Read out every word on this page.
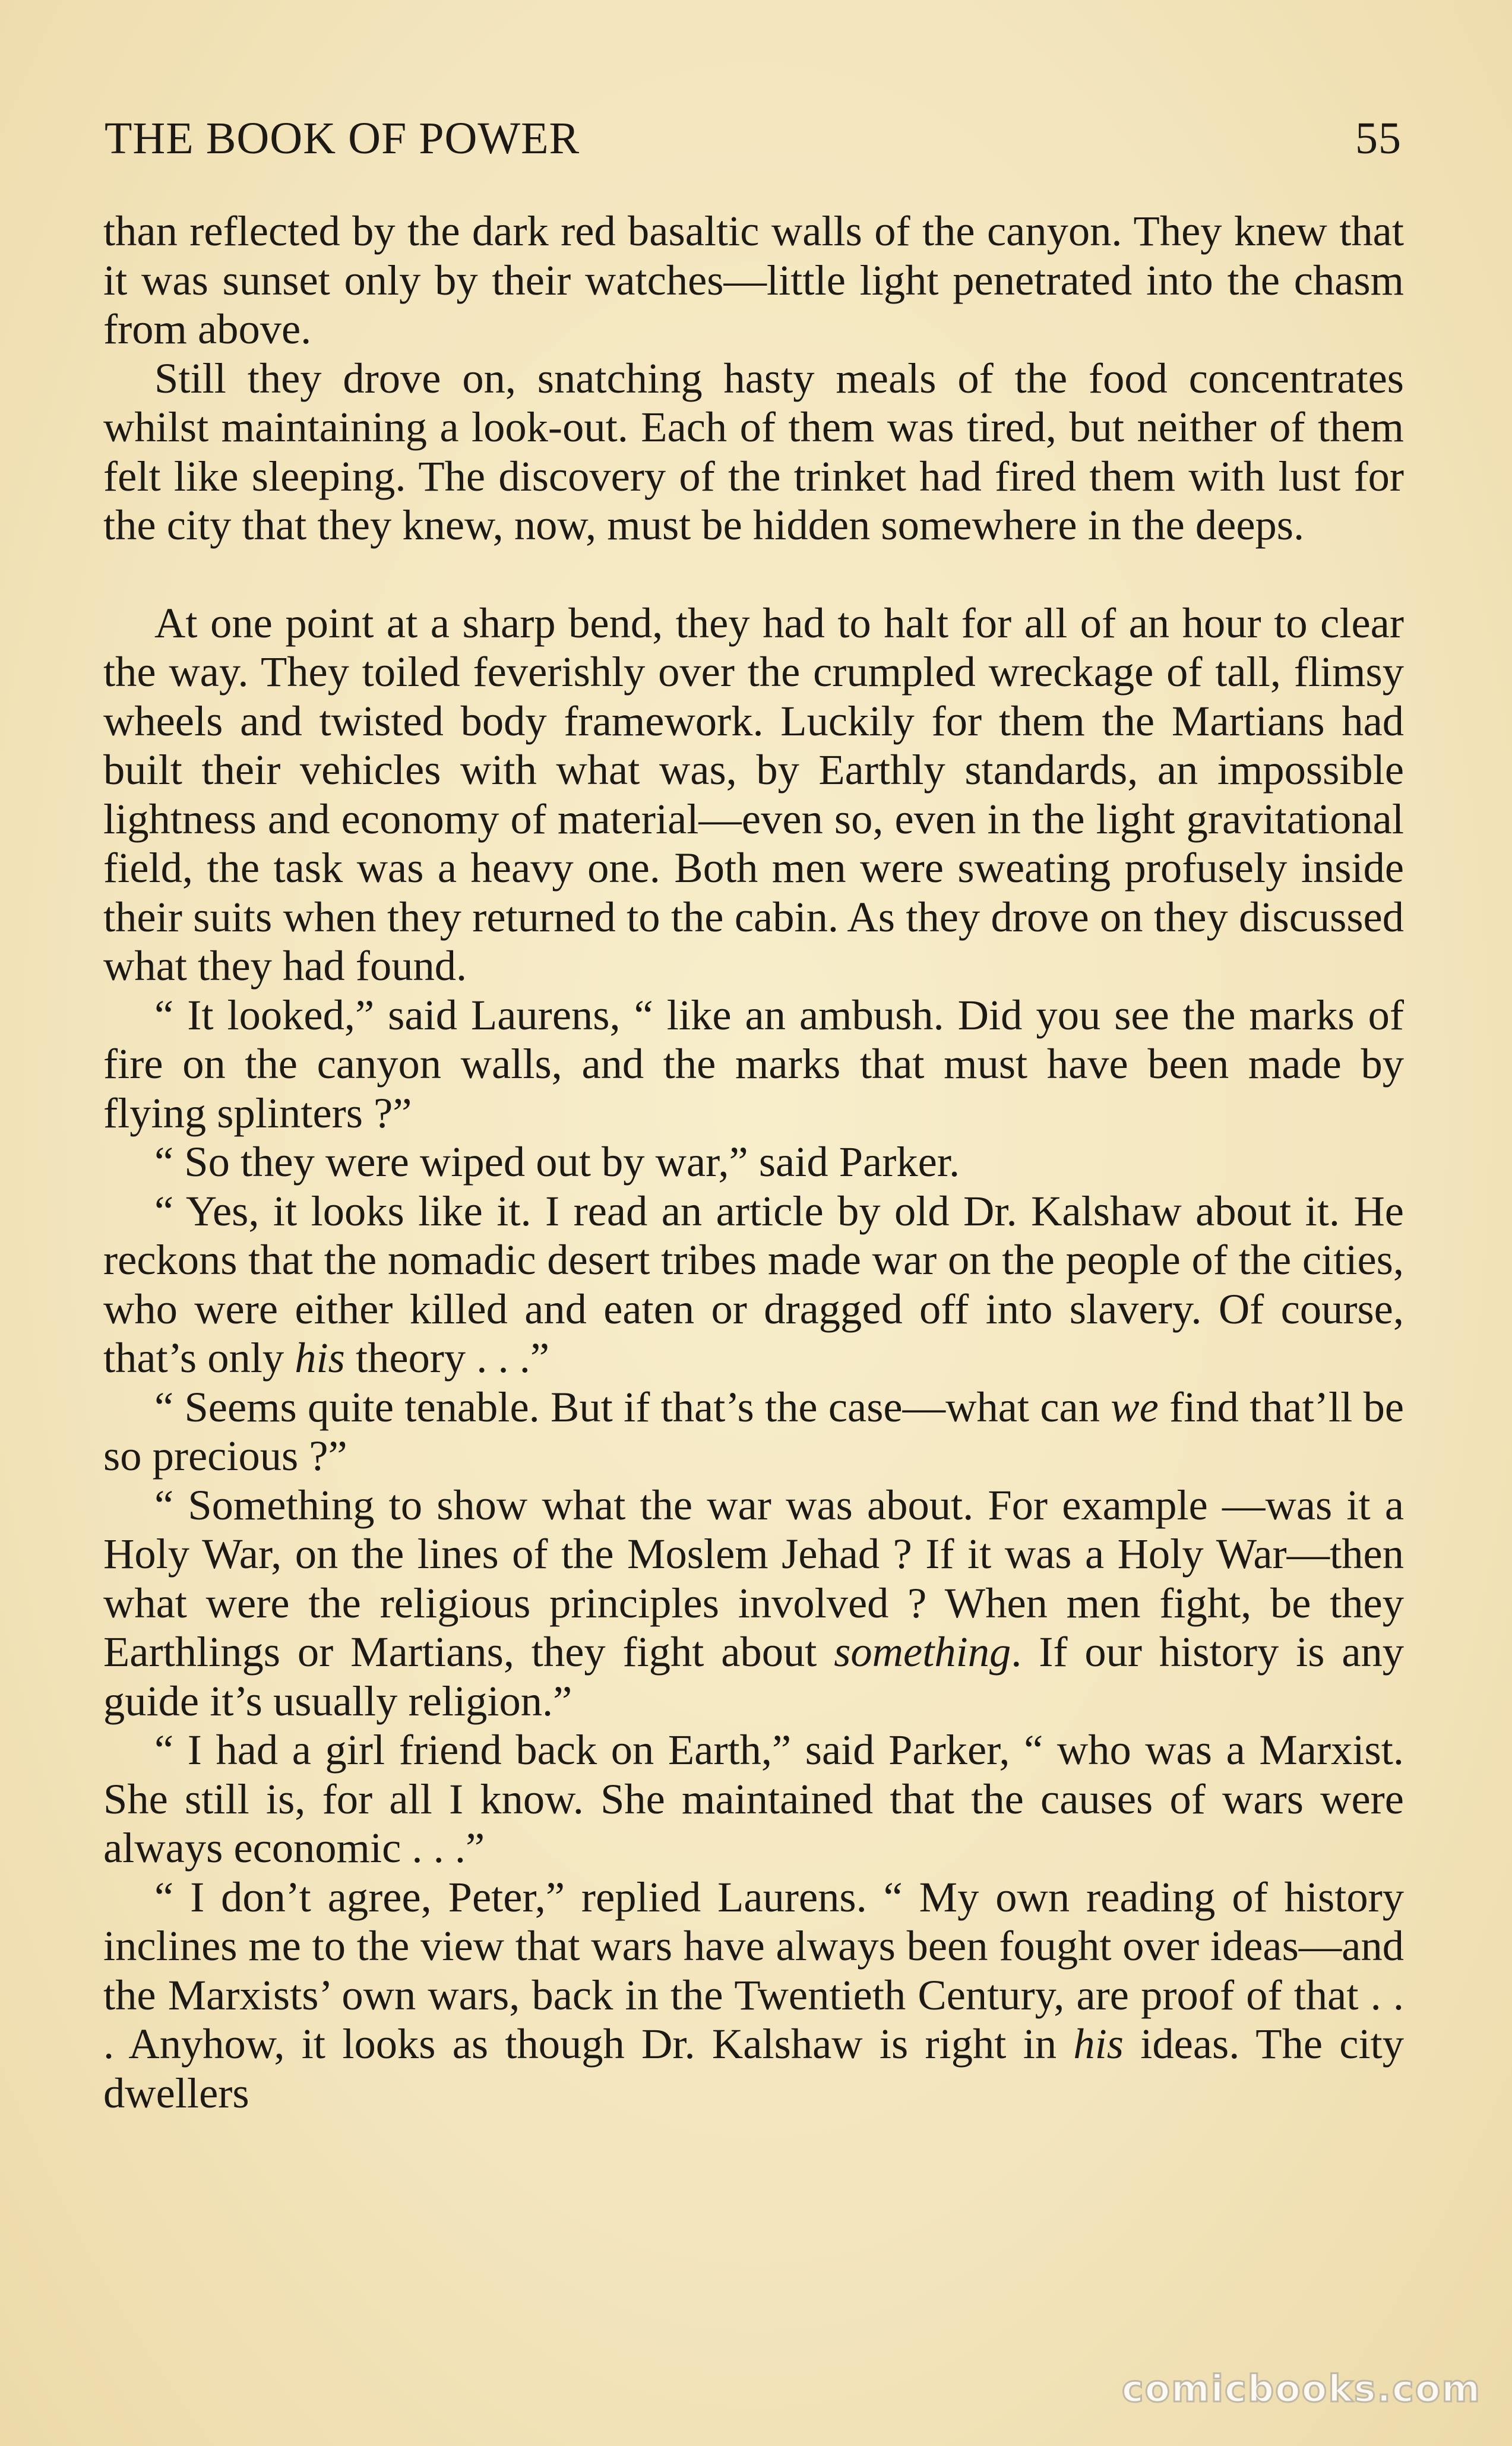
THE BOOK OF POWER	55

than reflected by the dark red basaltic walls of the canyon. They knew that it was sunset only by their watches—little light penetrated into the chasm from above.

Still they drove on, snatching hasty meals of the food concentrates whilst maintaining a look-out. Each of them was tired, but neither of them felt like sleeping. The discovery of the trinket had fired them with lust for the city that they knew, now, must be hidden somewhere in the deeps.

At one point at a sharp bend, they had to halt for all of an hour to clear the way. They toiled feverishly over the crumpled wreckage of tall, flimsy wheels and twisted body framework. Luckily for them the Martians had built their vehicles with what was, by Earthly standards, an impossible lightness and economy of material—even so, even in the light gravitational field, the task was a heavy one. Both men were sweating profusely inside their suits when they returned to the cabin. As they drove on they discussed what they had found.

“ It looked,” said Laurens, “ like an ambush. Did you see the marks of fire on the canyon walls, and the marks that must have been made by flying splinters ?”

“ So they were wiped out by war,” said Parker.

“ Yes, it looks like it. I read an article by old Dr. Kalshaw about it. He reckons that the nomadic desert tribes made war on the people of the cities, who were either killed and eaten or dragged off into slavery. Of course, that’s only his theory . . .”

“ Seems quite tenable. But if that’s the case—what can we find that’ll be so precious ?”

“ Something to show what the war was about. For example —was it a Holy War, on the lines of the Moslem Jehad ? If it was a Holy War—then what were the religious principles involved ? When men fight, be they Earthlings or Martians, they fight about something. If our history is any guide it’s usually religion.”

“ I had a girl friend back on Earth,” said Parker, “ who was a Marxist. She still is, for all I know. She maintained that the causes of wars were always economic . . .”

“ I don’t agree, Peter,” replied Laurens. “ My own reading of history inclines me to the view that wars have always been fought over ideas—and the Marxists’ own wars, back in the Twentieth Century, are proof of that . . . Anyhow, it looks as though Dr. Kalshaw is right in his ideas. The city dwellers

comicbooks.com
